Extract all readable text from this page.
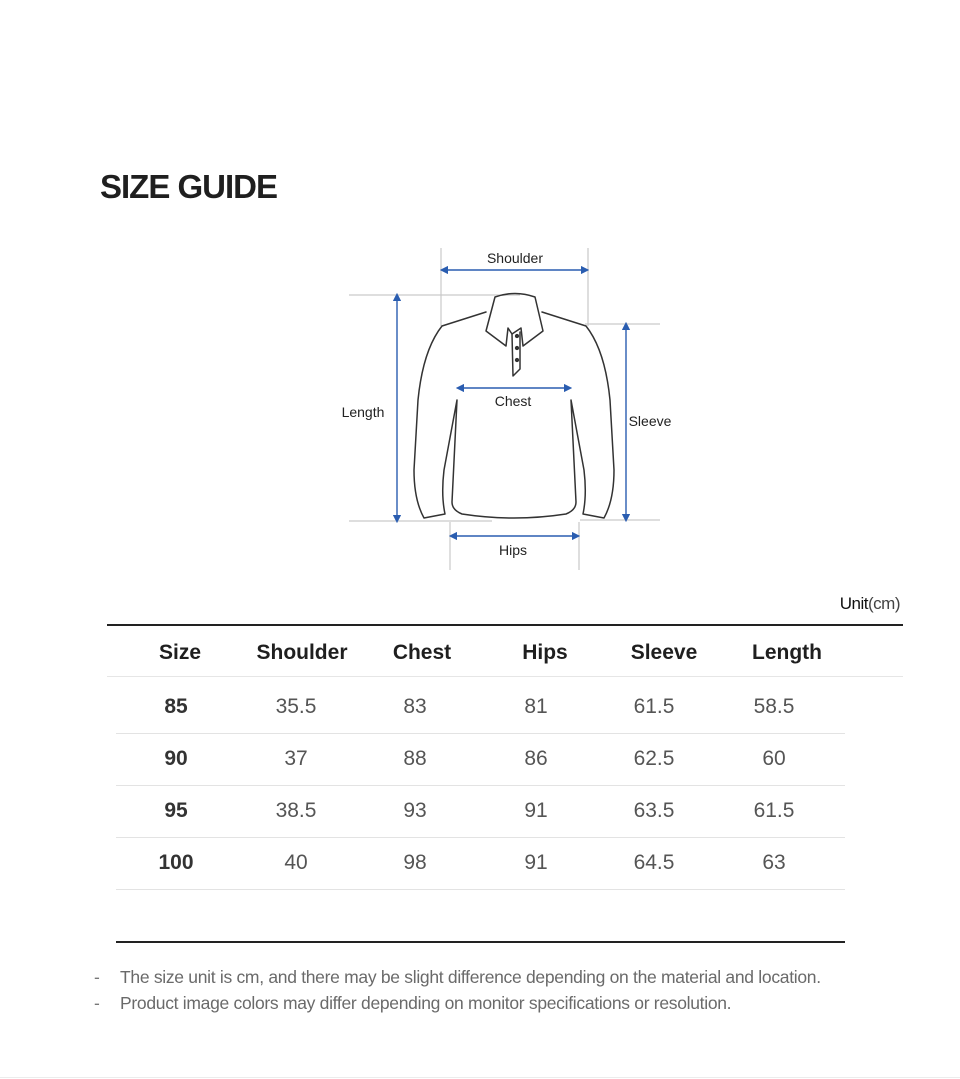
SIZE GUIDE
Shoulder
Length
Chest
Sleeve
Hips
Unit(cm)
Size	Shoulder	Chest	Hips	Sleeve	Length
85	35.5	83	81	61.5	58.5
90	37	88	86	62.5	60
95	38.5	93	91	63.5	61.5
100	40	98	91	64.5	63
- The size unit is cm, and there may be slight difference depending on the material and location.
- Product image colors may differ depending on monitor specifications or resolution.
